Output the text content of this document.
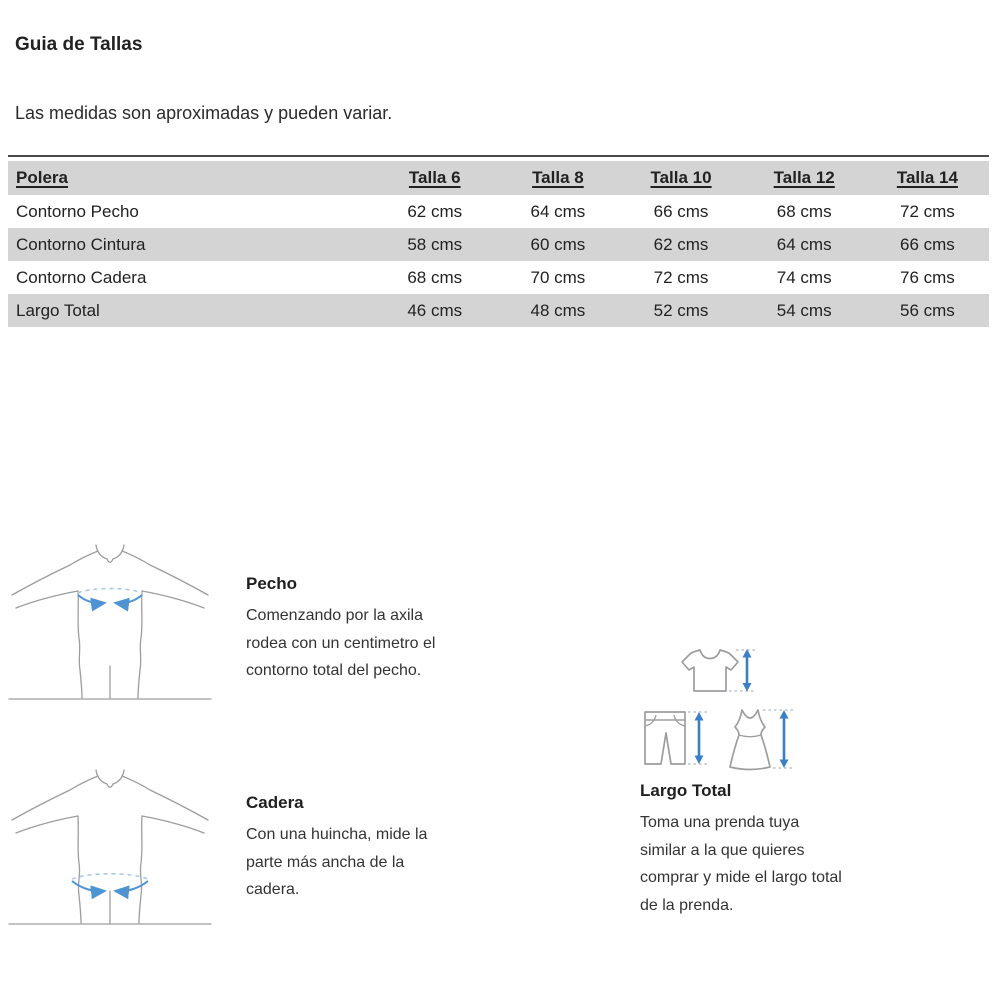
Guia de Tallas
Las medidas son aproximadas y pueden variar.
Polera	Talla 6	Talla 8	Talla 10	Talla 12	Talla 14
Contorno Pecho	62 cms	64 cms	66 cms	68 cms	72 cms
Contorno Cintura	58 cms	60 cms	62 cms	64 cms	66 cms
Contorno Cadera	68 cms	70 cms	72 cms	74 cms	76 cms
Largo Total	46 cms	48 cms	52 cms	54 cms	56 cms
Pecho
Comenzando por la axila
rodea con un centimetro el
contorno total del pecho.
Largo Total
Toma una prenda tuya
similar a la que quieres
comprar y mide el largo total
de la prenda.
Cadera
Con una huincha, mide la
parte más ancha de la
cadera.
